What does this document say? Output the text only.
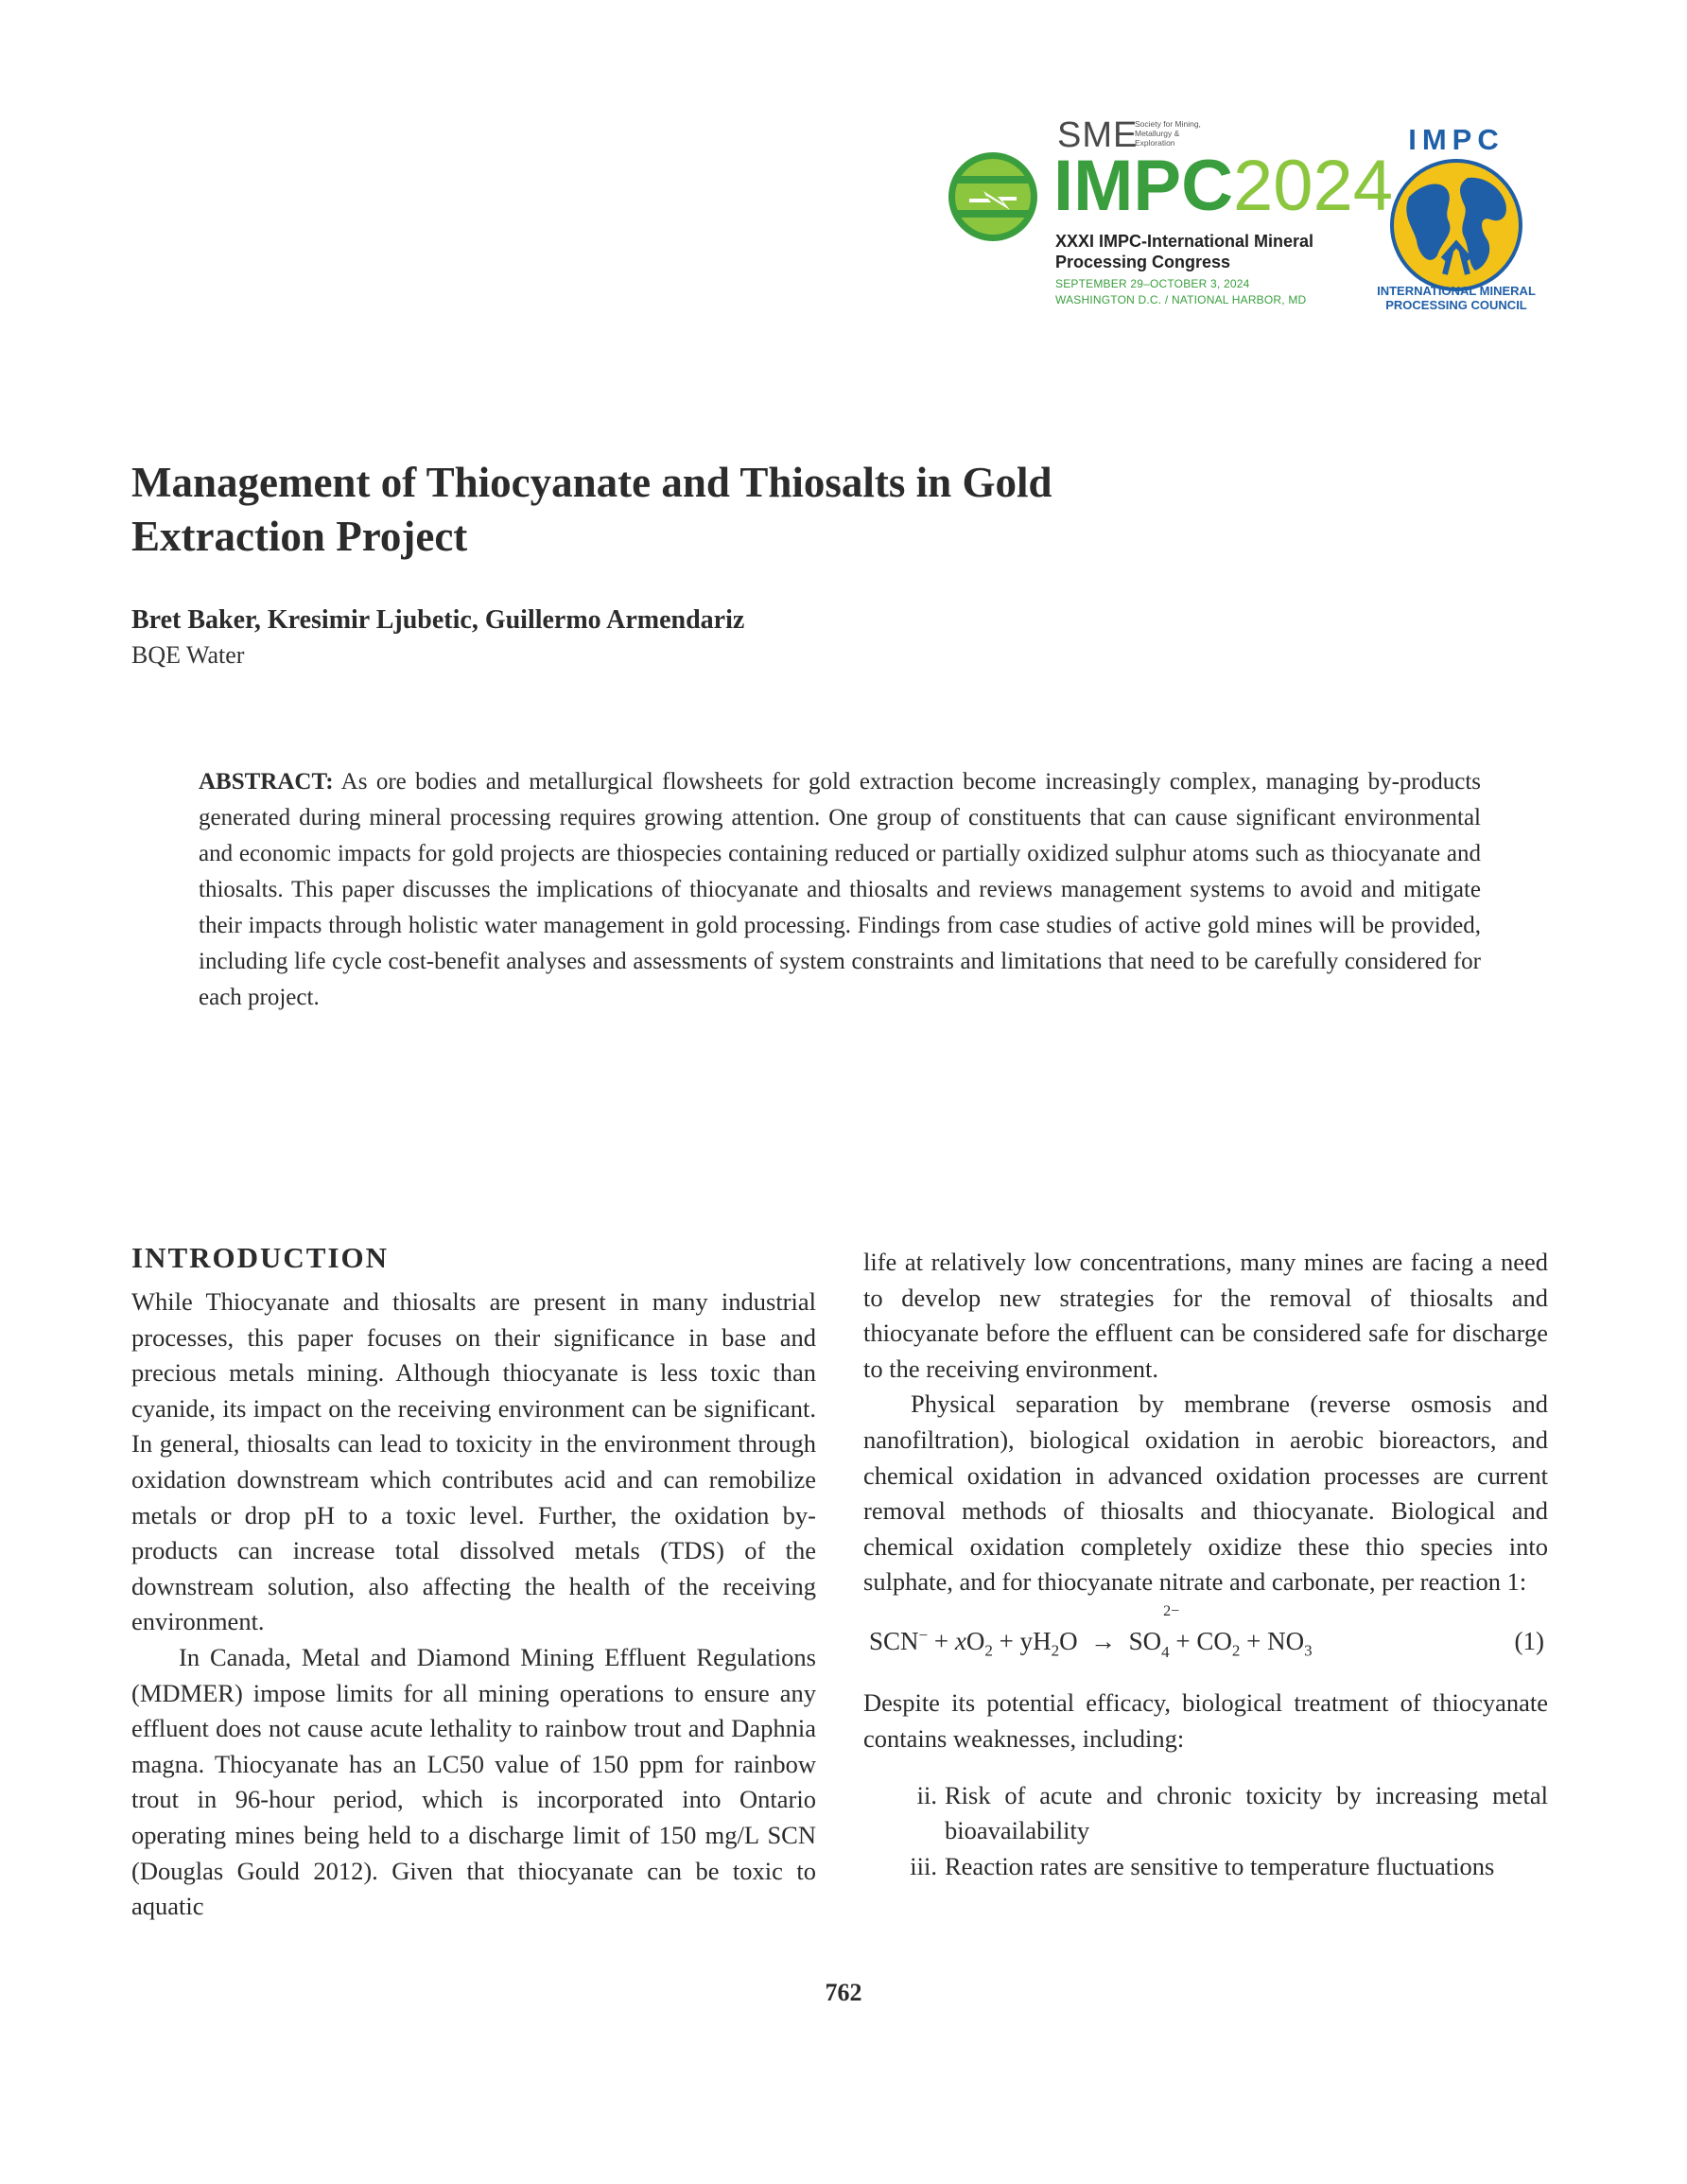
SME
Society for Mining, Metallurgy & Exploration
IMPC2024
XXXI IMPC-International Mineral Processing Congress
SEPTEMBER 29–OCTOBER 3, 2024
WASHINGTON D.C. / NATIONAL HARBOR, MD
IMPC
INTERNATIONAL MINERAL PROCESSING COUNCIL
Management of Thiocyanate and Thiosalts in Gold Extraction Project

Bret Baker, Kresimir Ljubetic, Guillermo Armendariz

BQE Water

ABSTRACT: As ore bodies and metallurgical flowsheets for gold extraction become increasingly complex, managing by-products generated during mineral processing requires growing attention. One group of constituents that can cause significant environmental and economic impacts for gold projects are thiospecies containing reduced or partially oxidized sulphur atoms such as thiocyanate and thiosalts. This paper discusses the implications of thiocyanate and thiosalts and reviews management systems to avoid and mitigate their impacts through holistic water management in gold processing. Findings from case studies of active gold mines will be provided, including life cycle cost-benefit analyses and assessments of system constraints and limitations that need to be carefully considered for each project.

INTRODUCTION

While Thiocyanate and thiosalts are present in many industrial processes, this paper focuses on their significance in base and precious metals mining. Although thiocyanate is less toxic than cyanide, its impact on the receiving environment can be significant. In general, thiosalts can lead to toxicity in the environment through oxidation downstream which contributes acid and can remobilize metals or drop pH to a toxic level. Further, the oxidation by-products can increase total dissolved metals (TDS) of the downstream solution, also affecting the health of the receiving environment.

In Canada, Metal and Diamond Mining Effluent Regulations (MDMER) impose limits for all mining operations to ensure any effluent does not cause acute lethality to rainbow trout and Daphnia magna. Thiocyanate has an LC50 value of 150 ppm for rainbow trout in 96-hour period, which is incorporated into Ontario operating mines being held to a discharge limit of 150 mg/L SCN (Douglas Gould 2012). Given that thiocyanate can be toxic to aquatic

life at relatively low concentrations, many mines are facing a need to develop new strategies for the removal of thiosalts and thiocyanate before the effluent can be considered safe for discharge to the receiving environment.

Physical separation by membrane (reverse osmosis and nanofiltration), biological oxidation in aerobic bioreactors, and chemical oxidation in advanced oxidation processes are current removal methods of thiosalts and thiocyanate. Biological and chemical oxidation completely oxidize these thio species into sulphate, and for thiocyanate nitrate and carbonate, per reaction 1:

$SCN^- + xO_2 + yH_2O$ → SO
2−
$_4 + CO_2 + NO_3$	(1)

Despite its potential efficacy, biological treatment of thiocyanate contains weaknesses, including:

ii. Risk of acute and chronic toxicity by increasing metal bioavailability
iii. Reaction rates are sensitive to temperature fluctuations
762
